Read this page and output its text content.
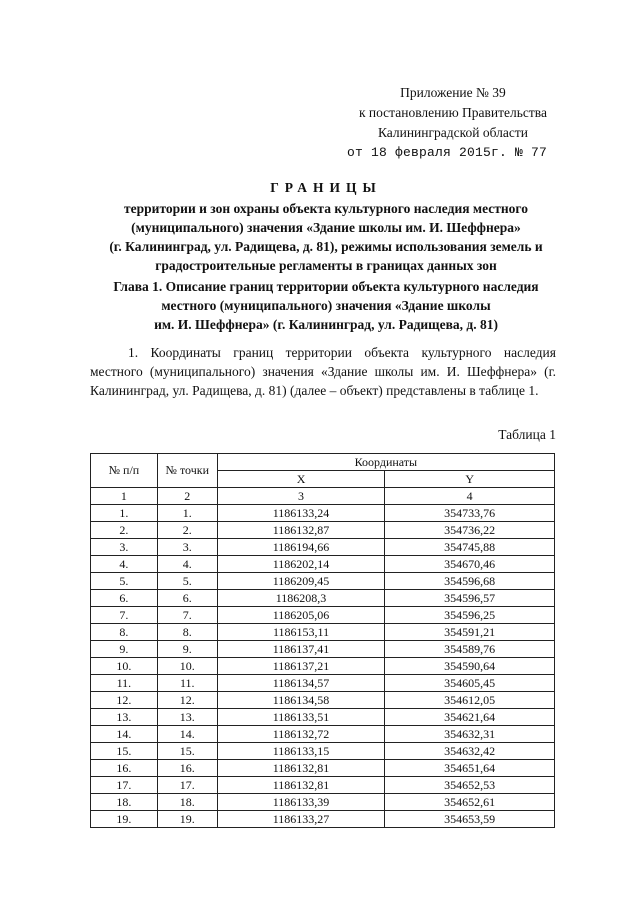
Приложение № 39
к постановлению Правительства
Калининградской области
от 18 февраля 2015г. № 77
ГРАНИЦЫ
территории и зон охраны объекта культурного наследия местного
(муниципального) значения «Здание школы им. И. Шеффнера»
(г. Калининград, ул. Радищева, д. 81), режимы использования земель и
градостроительные регламенты в границах данных зон
Глава 1. Описание границ территории объекта культурного наследия
местного (муниципального) значения «Здание школы
им. И. Шеффнера» (г. Калининград, ул. Радищева, д. 81)
1. Координаты границ территории объекта культурного наследия местного (муниципального) значения «Здание школы им. И. Шеффнера» (г. Калининград, ул. Радищева, д. 81) (далее – объект) представлены в таблице 1.
Таблица 1
№ п/п	№ точки	Координаты	
		X	Y
1	2	3	4
1.	1.	1186133,24	354733,76
2.	2.	1186132,87	354736,22
3.	3.	1186194,66	354745,88
4.	4.	1186202,14	354670,46
5.	5.	1186209,45	354596,68
6.	6.	1186208,3	354596,57
7.	7.	1186205,06	354596,25
8.	8.	1186153,11	354591,21
9.	9.	1186137,41	354589,76
10.	10.	1186137,21	354590,64
11.	11.	1186134,57	354605,45
12.	12.	1186134,58	354612,05
13.	13.	1186133,51	354621,64
14.	14.	1186132,72	354632,31
15.	15.	1186133,15	354632,42
16.	16.	1186132,81	354651,64
17.	17.	1186132,81	354652,53
18.	18.	1186133,39	354652,61
19.	19.	1186133,27	354653,59
